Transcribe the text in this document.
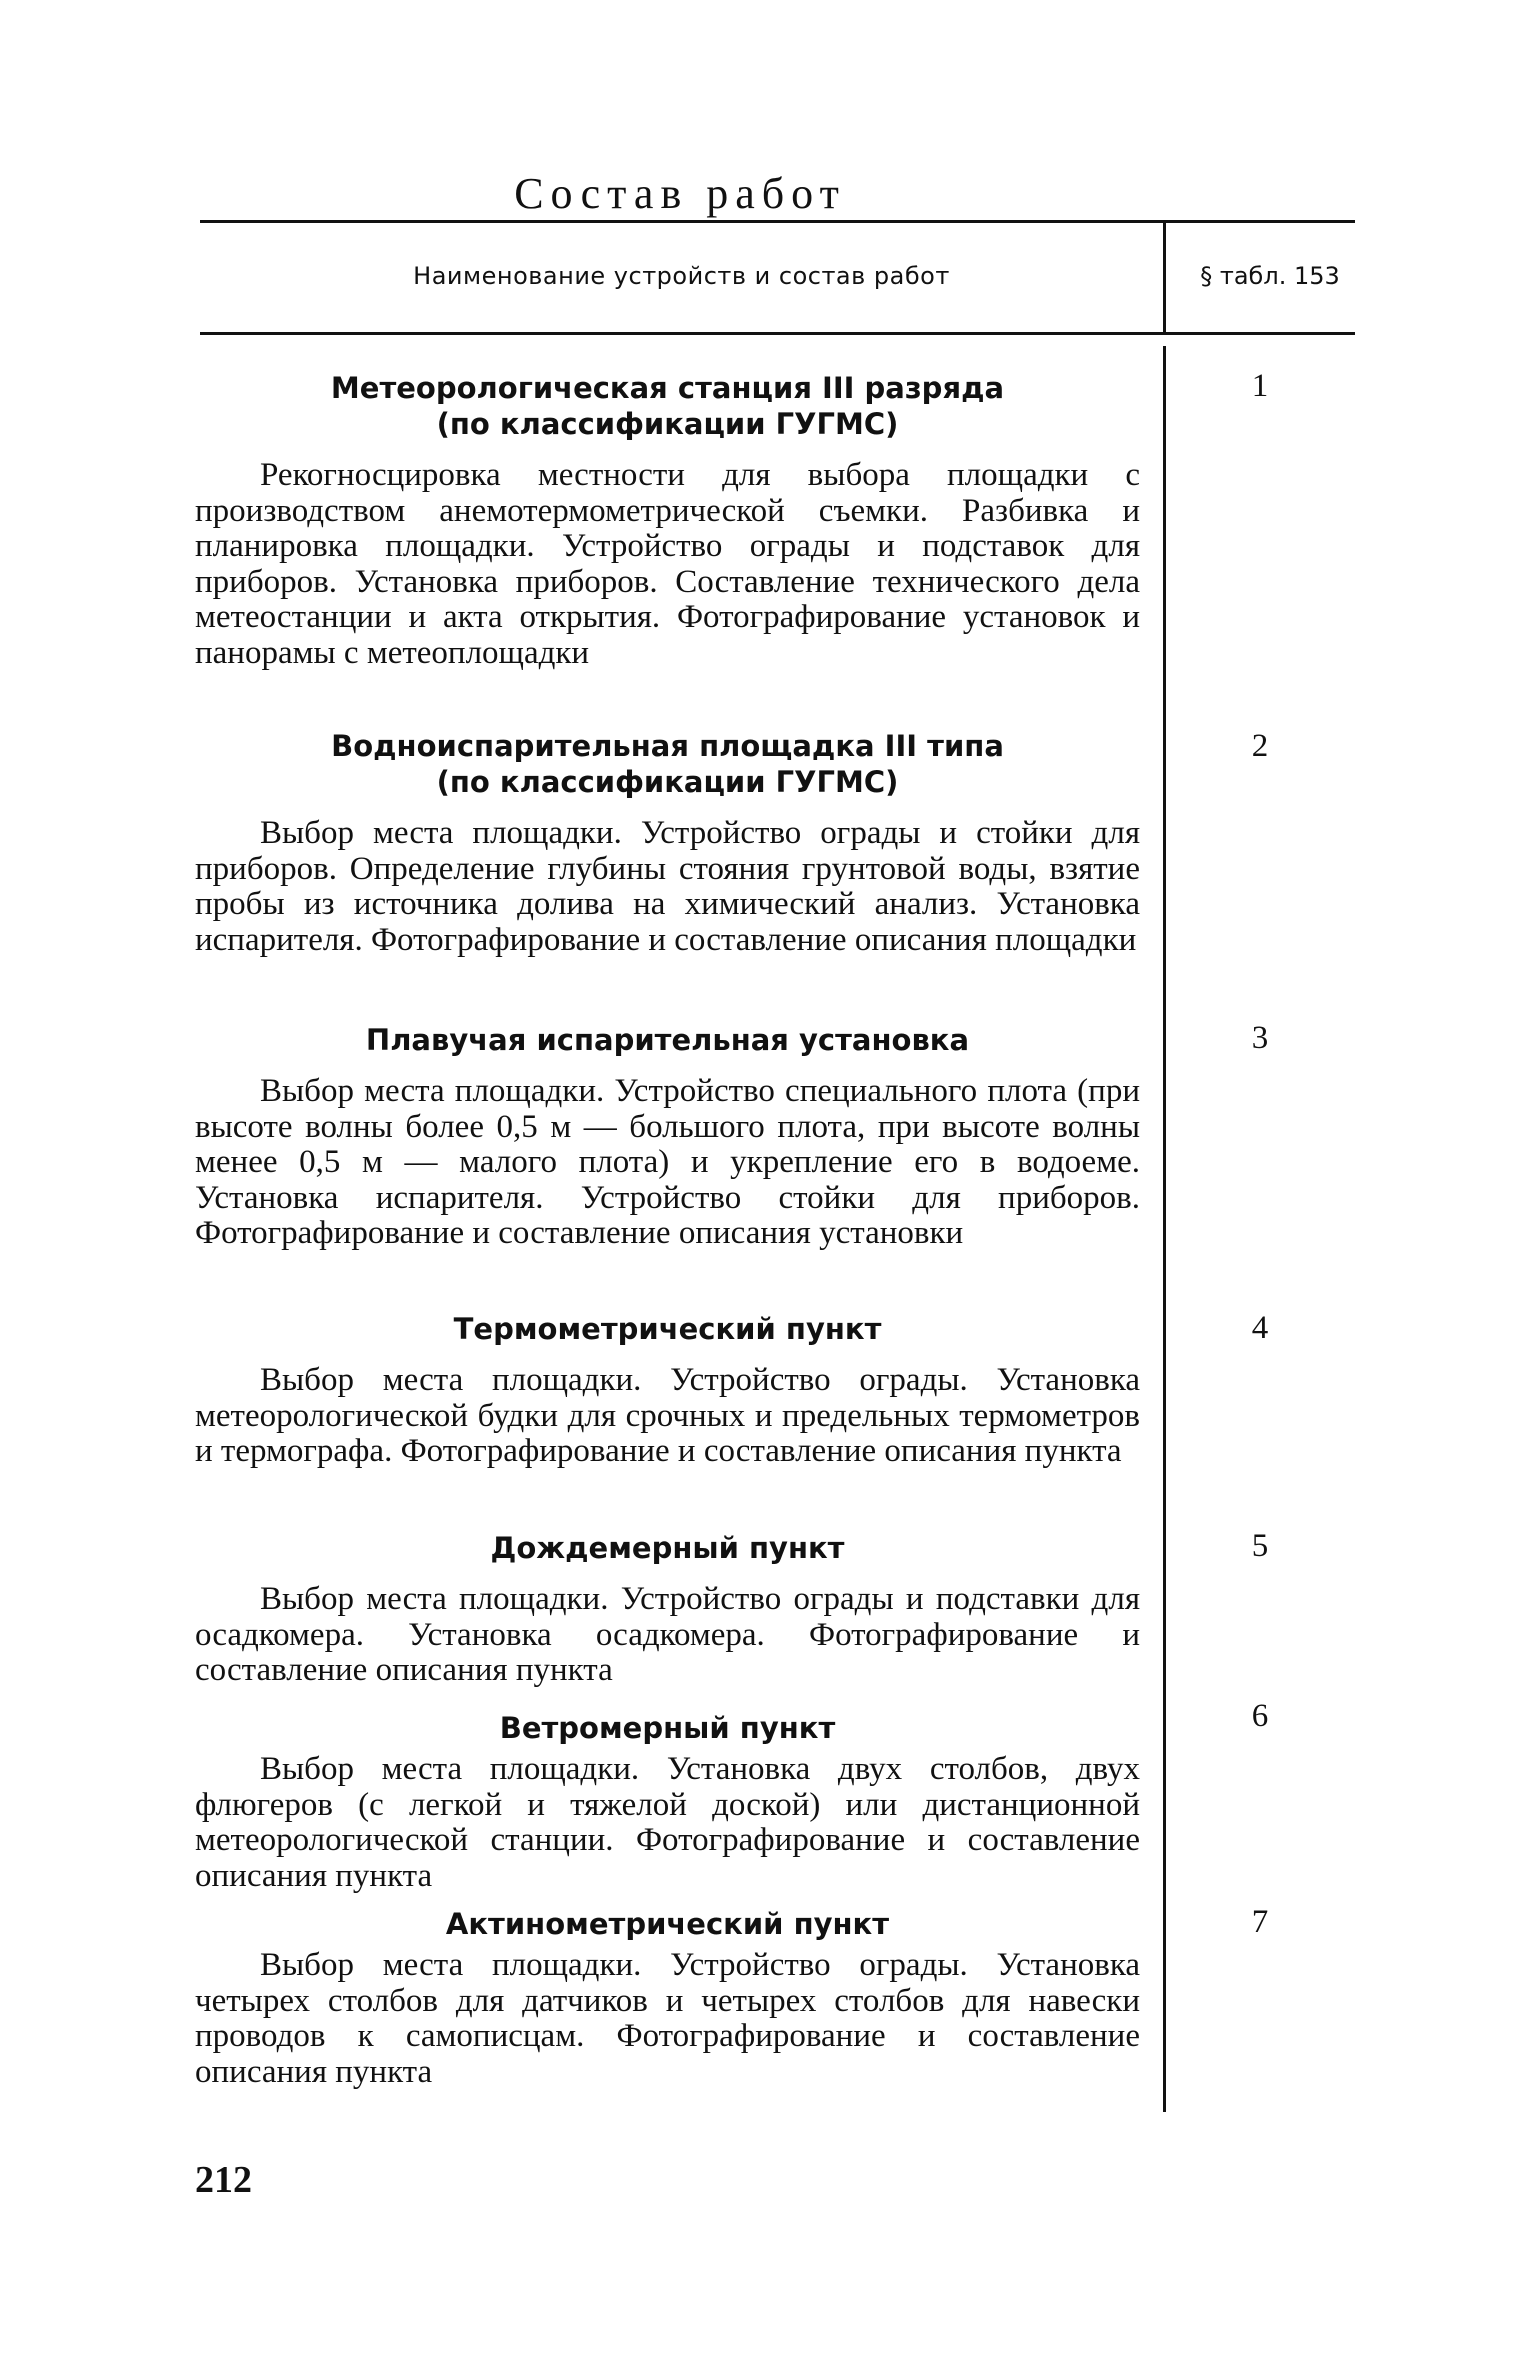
Состав работ
Наименование устройств и состав работ	§ табл. 153
Метеорологическая станция III разряда
(по классификации ГУГМС)
Рекогносцировка местности для выбора площадки с производством анемотермометрической съемки. Разбивка и планировка площадки. Устройство ограды и подставок для приборов. Установка приборов. Составление технического дела метеостанции и акта открытия. Фотографирование установок и панорамы с метеоплощадки
1
Водноиспарительная площадка III типа
(по классификации ГУГМС)
Выбор места площадки. Устройство ограды и стойки для приборов. Определение глубины стояния грунтовой воды, взятие пробы из источника долива на химический анализ. Установка испарителя. Фотографирование и составление описания площадки
2
Плавучая испарительная установка
Выбор места площадки. Устройство специального плота (при высоте волны более 0,5 м — большого плота, при высоте волны менее 0,5 м — малого плота) и укрепление его в водоеме. Установка испарителя. Устройство стойки для приборов. Фотографирование и составление описания установки
3
Термометрический пункт
Выбор места площадки. Устройство ограды. Установка метеорологической будки для срочных и предельных термометров и термографа. Фотографирование и составление описания пункта
4
Дождемерный пункт
Выбор места площадки. Устройство ограды и подставки для осадкомера. Установка осадкомера. Фотографирование и составление описания пункта
5
Ветромерный пункт
Выбор места площадки. Установка двух столбов, двух флюгеров (с легкой и тяжелой доской) или дистанционной метеорологической станции. Фотографирование и составление описания пункта
6
Актинометрический пункт
Выбор места площадки. Устройство ограды. Установка четырех столбов для датчиков и четырех столбов для навески проводов к самописцам. Фотографирование и составление описания пункта
7
212
